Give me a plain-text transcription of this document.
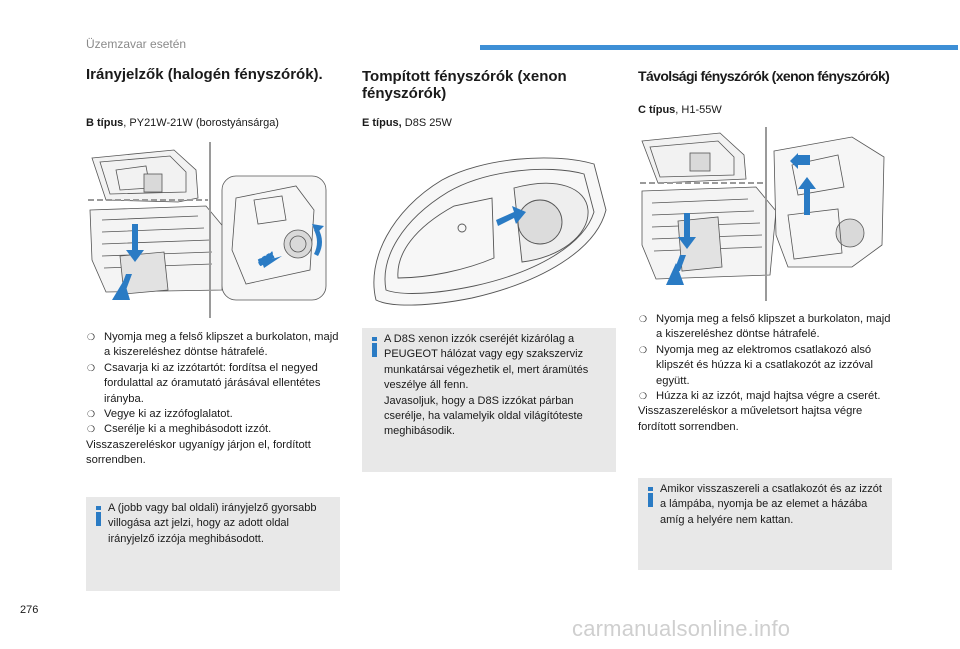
Üzemzavar esetén
Irányjelzők (halogén fényszórók).
B típus, PY21W-21W (borostyánsárga)
❍ Nyomja meg a felső klipszet a burkolaton, majd a kiszereléshez döntse hátrafelé.
❍ Csavarja ki az izzótartót: fordítsa el negyed fordulattal az óramutató járásával ellentétes irányba.
❍ Vegye ki az izzófoglalatot.
❍ Cserélje ki a meghibásodott izzót.
Visszaszereléskor ugyanígy járjon el, fordított sorrendben.
A (jobb vagy bal oldali) irányjelző gyorsabb villogása azt jelzi, hogy az adott oldal irányjelző izzója meghibásodott.
Tompított fényszórók (xenon
fényszórók)
E típus, D8S 25W
A D8S xenon izzók cseréjét kizárólag a PEUGEOT hálózat vagy egy szakszerviz munkatársai végezhetik el, mert áramütés veszélye áll fenn.
Javasoljuk, hogy a D8S izzókat párban cserélje, ha valamelyik oldal világítóteste meghibásodik.
Távolsági fényszórók (xenon fényszórók)
C típus, H1-55W
❍ Nyomja meg a felső klipszet a burkolaton, majd a kiszereléshez döntse hátrafelé.
❍ Nyomja meg az elektromos csatlakozó alsó klipszét és húzza ki a csatlakozót az izzóval együtt.
❍ Húzza ki az izzót, majd hajtsa végre a cserét.
Visszaszereléskor a műveletsort hajtsa végre fordított sorrendben.
Amikor visszaszereli a csatlakozót és az izzót a lámpába, nyomja be az elemet a házába amíg a helyére nem kattan.
276
carmanualsonline.info
